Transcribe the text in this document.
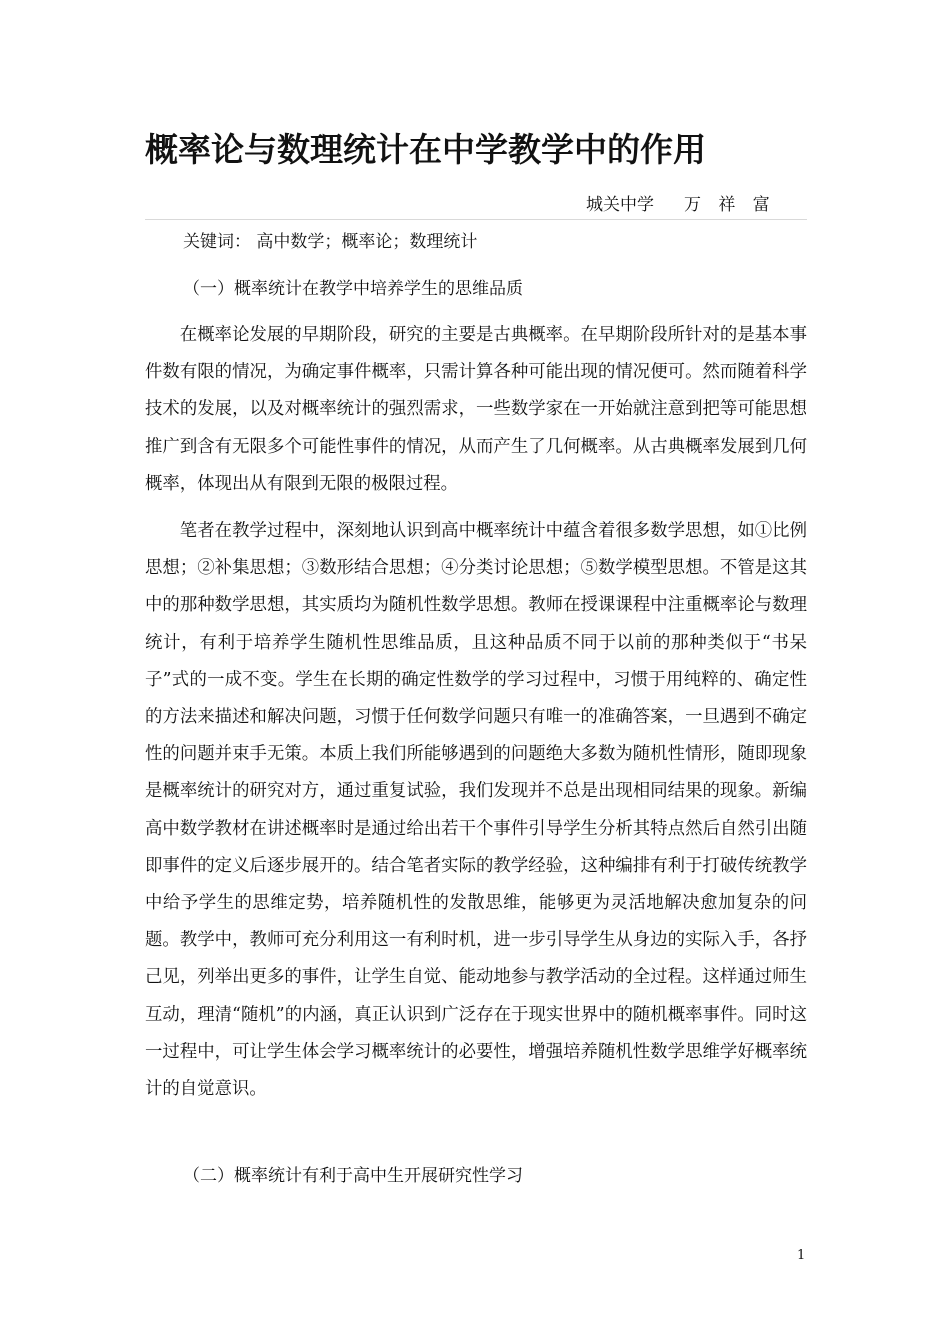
概率论与数理统计在中学教学中的作用
城关中学 万 祥 富
关键词： 高中数学；概率论；数理统计
（一）概率统计在教学中培养学生的思维品质
在概率论发展的早期阶段，研究的主要是古典概率。在早期阶段所针对的是基本事件数有限的情况，为确定事件概率，只需计算各种可能出现的情况便可。然而随着科学技术的发展，以及对概率统计的强烈需求，一些数学家在一开始就注意到把等可能思想推广到含有无限多个可能性事件的情况，从而产生了几何概率。从古典概率发展到几何概率，体现出从有限到无限的极限过程。
笔者在教学过程中，深刻地认识到高中概率统计中蕴含着很多数学思想，如①比例思想；②补集思想；③数形结合思想；④分类讨论思想；⑤数学模型思想。不管是这其中的那种数学思想，其实质均为随机性数学思想。教师在授课课程中注重概率论与数理统计，有利于培养学生随机性思维品质，且这种品质不同于以前的那种类似于“书呆子”式的一成不变。学生在长期的确定性数学的学习过程中，习惯于用纯粹的、确定性的方法来描述和解决问题，习惯于任何数学问题只有唯一的准确答案，一旦遇到不确定性的问题并束手无策。本质上我们所能够遇到的问题绝大多数为随机性情形，随即现象是概率统计的研究对方，通过重复试验，我们发现并不总是出现相同结果的现象。新编高中数学教材在讲述概率时是通过给出若干个事件引导学生分析其特点然后自然引出随即事件的定义后逐步展开的。结合笔者实际的教学经验，这种编排有利于打破传统教学中给予学生的思维定势，培养随机性的发散思维，能够更为灵活地解决愈加复杂的问题。教学中，教师可充分利用这一有利时机，进一步引导学生从身边的实际入手，各抒己见，列举出更多的事件，让学生自觉、能动地参与教学活动的全过程。这样通过师生互动，理清“随机”的内涵，真正认识到广泛存在于现实世界中的随机概率事件。同时这一过程中，可让学生体会学习概率统计的必要性，增强培养随机性数学思维学好概率统计的自觉意识。
（二）概率统计有利于高中生开展研究性学习
1
